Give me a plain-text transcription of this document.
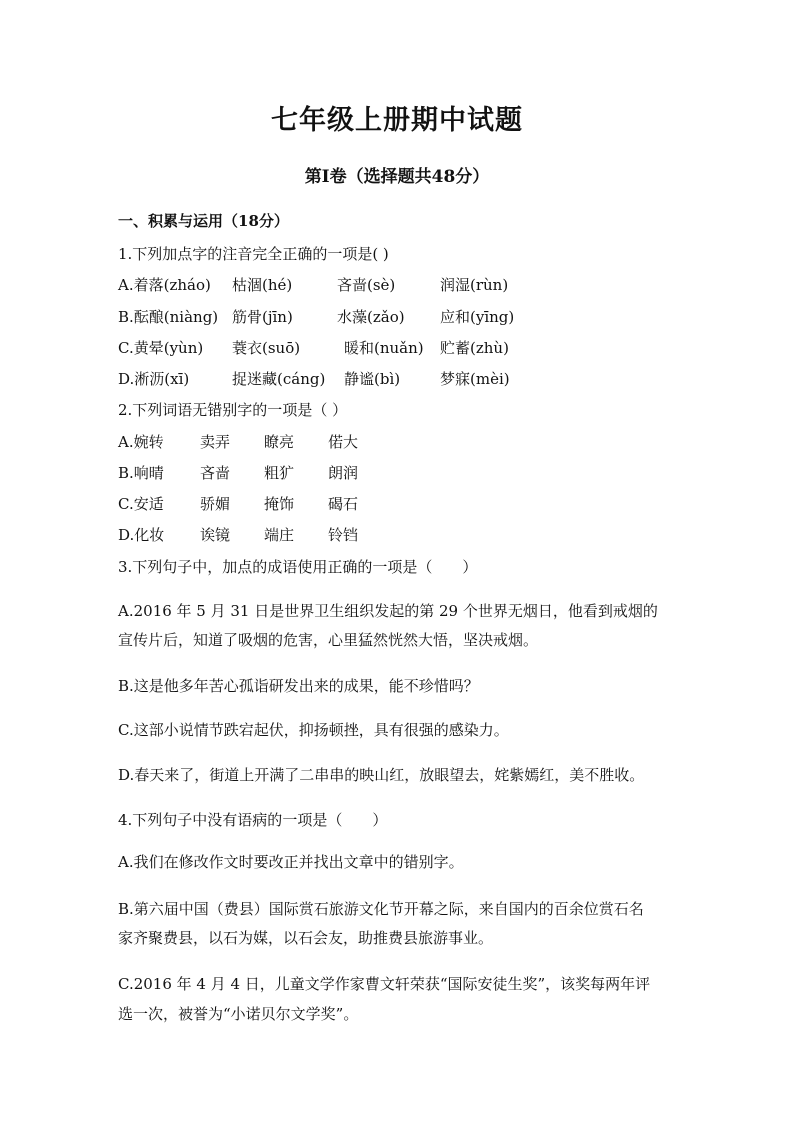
七年级上册期中试题
第Ⅰ卷（选择题共48分）
一、积累与运用（18分）
1.下列加点字的注音完全正确的一项是( )
A.着落(zháo) 枯涸(hé)	吝啬(sè)	润湿(rùn)
B.酝酿(niàng) 筋骨(jīn)	水藻(zǎo) 应和(yīng)
C.黄晕(yùn) 蓑衣(suō)	暖和(nuǎn) 贮蓄(zhù)
D.淅沥(xī)	捉迷藏(cáng) 静谧(bì)	梦寐(mèi)
2.下列词语无错别字的一项是（ ）
A.婉转 卖弄 瞭亮 偌大
B.响晴 吝啬 粗犷 朗润
C.安适 骄媚 掩饰 碣石
D.化妆 诶镜 端庄 铃铛
3.下列句子中，加点的成语使用正确的一项是（　　）
A.2016 年 5 月 31 日是世界卫生组织发起的第 29 个世界无烟日，他看到戒烟的
宣传片后，知道了吸烟的危害，心里猛然恍然大悟，坚决戒烟。
B.这是他多年苦心孤诣研发出来的成果，能不珍惜吗？
C.这部小说情节跌宕起伏，抑扬顿挫，具有很强的感染力。
D.春天来了，街道上开满了二串串的映山红，放眼望去，姹紫嫣红，美不胜收。
4.下列句子中没有语病的一项是（　　）
A.我们在修改作文时要改正并找出文章中的错别字。
B.第六届中国（费县）国际赏石旅游文化节开幕之际，来自国内的百余位赏石名
家齐聚费县，以石为媒，以石会友，助推费县旅游事业。
C.2016 年 4 月 4 日，儿童文学作家曹文轩荣获“国际安徒生奖”，该奖每两年评
选一次，被誉为“小诺贝尔文学奖”。
